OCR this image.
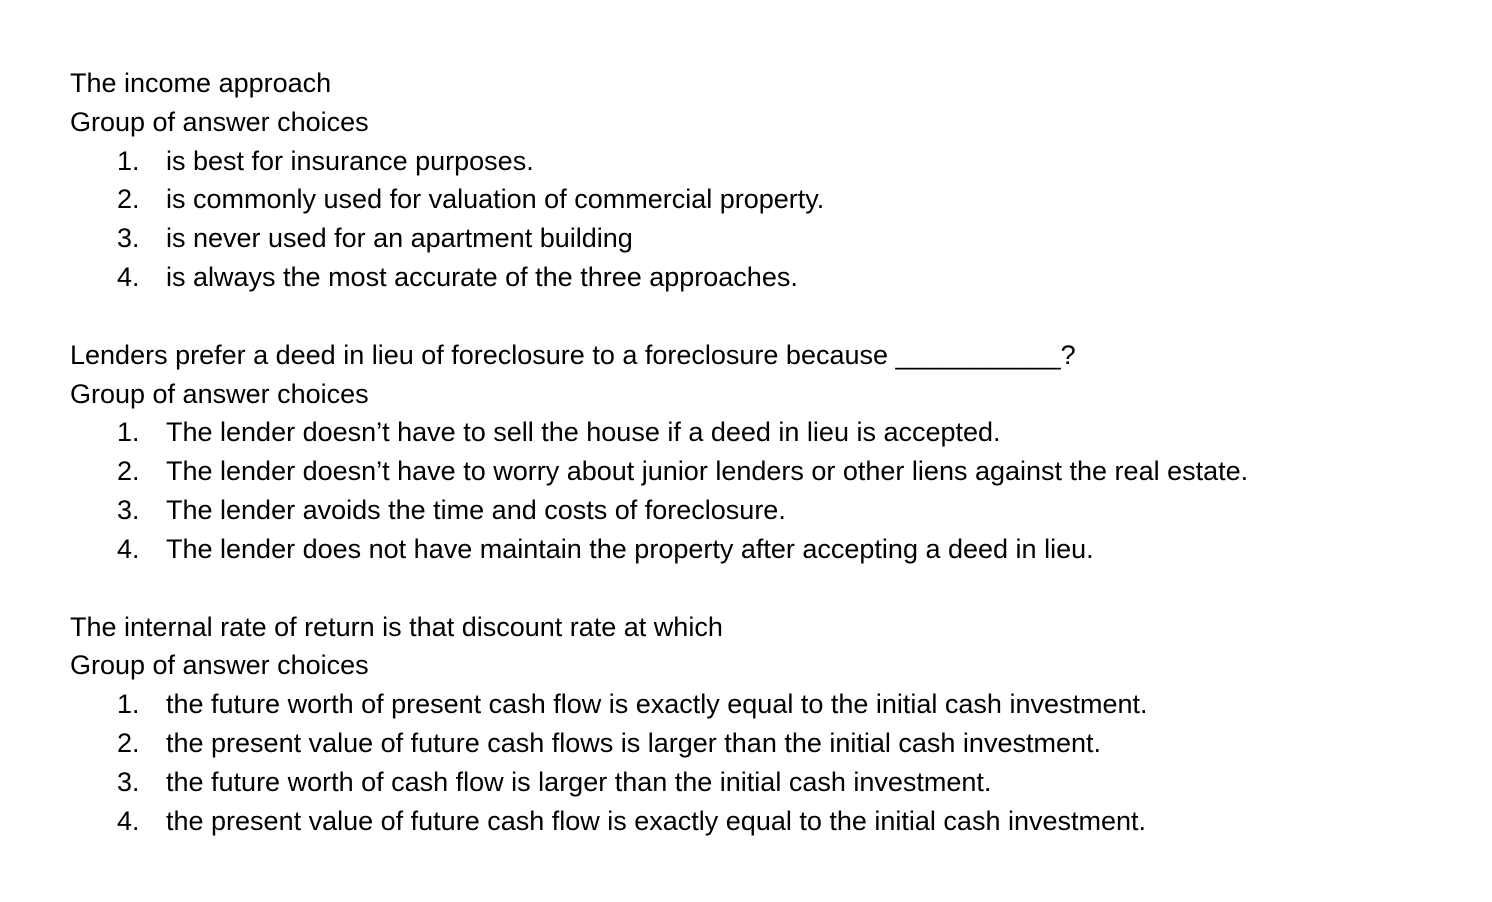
The income approach
Group of answer choices
1. is best for insurance purposes.
2. is commonly used for valuation of commercial property.
3. is never used for an apartment building
4. is always the most accurate of the three approaches.
Lenders prefer a deed in lieu of foreclosure to a foreclosure because ___________?
Group of answer choices
1. The lender doesn’t have to sell the house if a deed in lieu is accepted.
2. The lender doesn’t have to worry about junior lenders or other liens against the real estate.
3. The lender avoids the time and costs of foreclosure.
4. The lender does not have maintain the property after accepting a deed in lieu.
The internal rate of return is that discount rate at which
Group of answer choices
1. the future worth of present cash flow is exactly equal to the initial cash investment.
2. the present value of future cash flows is larger than the initial cash investment.
3. the future worth of cash flow is larger than the initial cash investment.
4. the present value of future cash flow is exactly equal to the initial cash investment.
